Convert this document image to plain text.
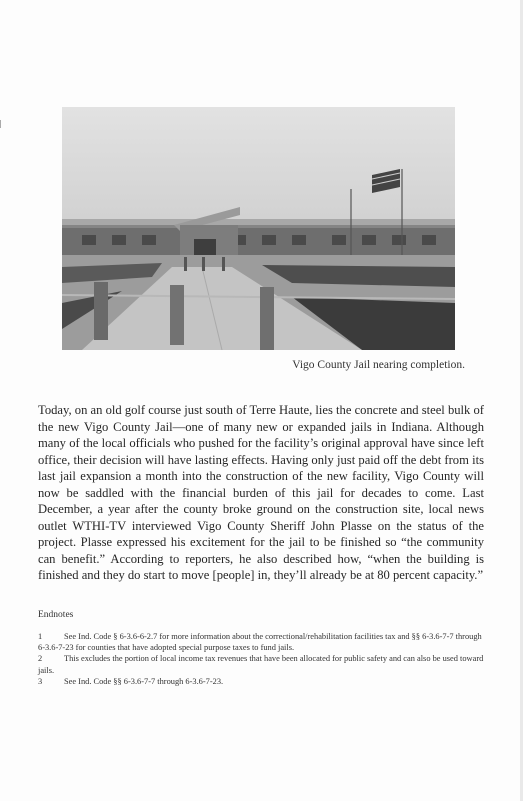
Vigo County Jail nearing completion.

Today, on an old golf course just south of Terre Haute, lies the concrete and steel bulk of the new Vigo County Jail—one of many new or expanded jails in Indiana. Although many of the local officials who pushed for the facility’s original approval have since left office, their decision will have lasting effects. Having only just paid off the debt from its last jail expansion a month into the construction of the new facility, Vigo County will now be saddled with the financial burden of this jail for decades to come. Last December, a year after the county broke ground on the construction site, local news outlet WTHI-TV interviewed Vigo County Sheriff John Plasse on the status of the project. Plasse expressed his excitement for the jail to be finished so “the community can benefit.” According to reporters, he also described how, “when the building is finished and they do start to move [people] in, they’ll already be at 80 percent capacity.”

Endnotes

1	See Ind. Code § 6-3.6-6-2.7 for more information about the correctional/rehabilitation facilities tax and §§ 6-3.6-7-7 through 6-3.6-7-23 for counties that have adopted special purpose taxes to fund jails.

2	This excludes the portion of local income tax revenues that have been allocated for public safety and can also be used toward jails.

3	See Ind. Code §§ 6-3.6-7-7 through 6-3.6-7-23.
